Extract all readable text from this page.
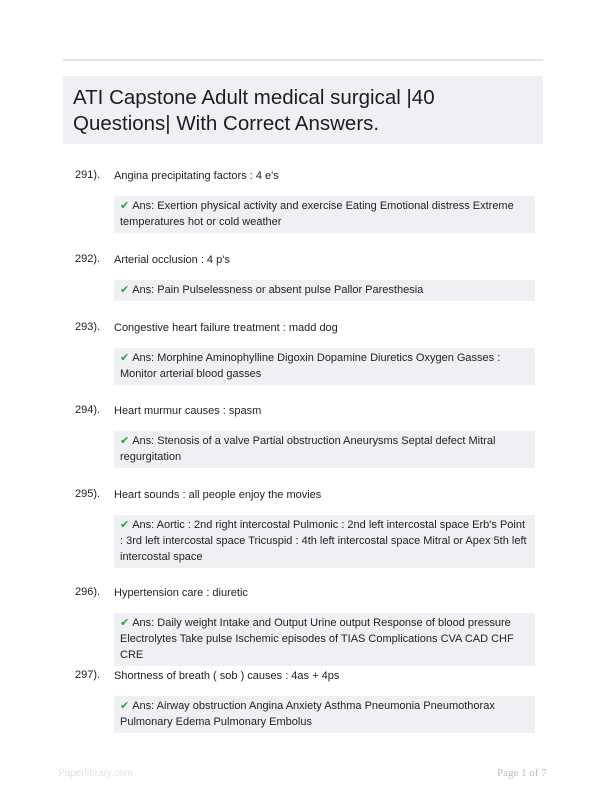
ATI Capstone Adult medical surgical |40 Questions| With Correct Answers.
291). Angina precipitating factors : 4 e's
✔ Ans: Exertion physical activity and exercise Eating Emotional distress Extreme temperatures hot or cold weather
292). Arterial occlusion : 4 p's
✔ Ans: Pain Pulselessness or absent pulse Pallor Paresthesia
293). Congestive heart failure treatment : madd dog
✔ Ans: Morphine Aminophylline Digoxin Dopamine Diuretics Oxygen Gasses : Monitor arterial blood gasses
294). Heart murmur causes : spasm
✔ Ans: Stenosis of a valve Partial obstruction Aneurysms Septal defect Mitral regurgitation
295). Heart sounds : all people enjoy the movies
✔ Ans: Aortic : 2nd right intercostal Pulmonic : 2nd left intercostal space Erb's Point : 3rd left intercostal space Tricuspid : 4th left intercostal space Mitral or Apex 5th left intercostal space
296). Hypertension care : diuretic
✔ Ans: Daily weight Intake and Output Urine output Response of blood pressure Electrolytes Take pulse Ischemic episodes of TIAS Complications CVA CAD CHF CRE
297). Shortness of breath ( sob ) causes : 4as + 4ps
✔ Ans: Airway obstruction Angina Anxiety Asthma Pneumonia Pneumothorax Pulmonary Edema Pulmonary Embolus
Paperlibrary.com	Page 1 of 7
